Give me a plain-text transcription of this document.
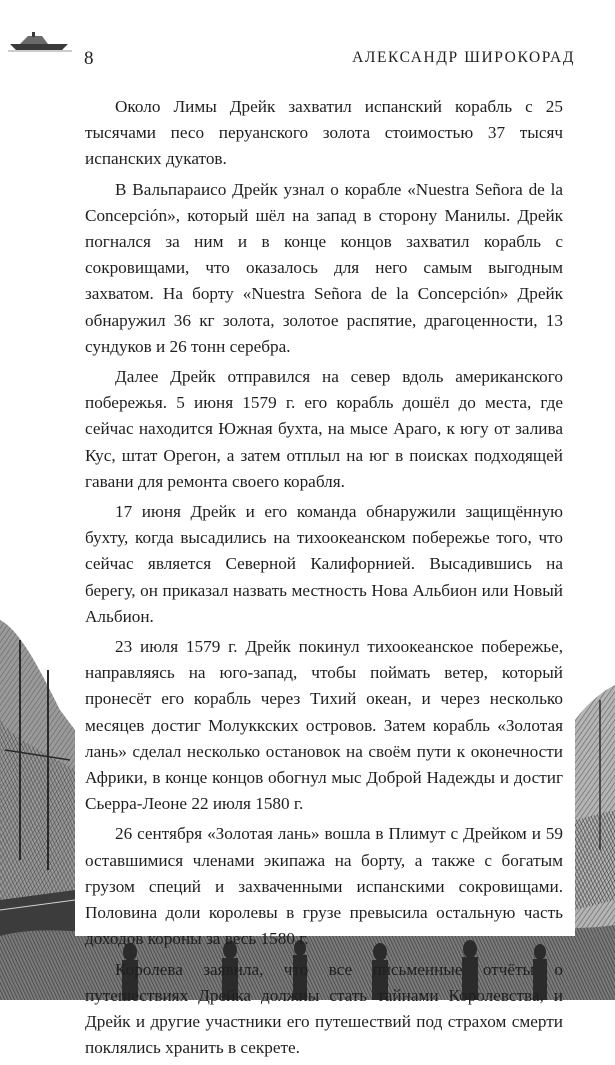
8	АЛЕКСАНДР ШИРОКОРАД

Около Лимы Дрейк захватил испанский корабль с 25 тысячами песо перуанского золота стоимостью 37 тысяч испанских дукатов.

В Вальпараисо Дрейк узнал о корабле «Nuestra Señora de la Concepción», который шёл на запад в сторону Манилы. Дрейк погнался за ним и в конце концов захватил корабль с сокровищами, что оказалось для него самым выгодным захватом. На борту «Nuestra Señora de la Concepción» Дрейк обнаружил 36 кг золота, золотое распятие, драгоценности, 13 сундуков и 26 тонн серебра.

Далее Дрейк отправился на север вдоль американского побережья. 5 июня 1579 г. его корабль дошёл до места, где сейчас находится Южная бухта, на мысе Араго, к югу от залива Кус, штат Орегон, а затем отплыл на юг в поисках подходящей гавани для ремонта своего корабля.

17 июня Дрейк и его команда обнаружили защищённую бухту, когда высадились на тихоокеанском побережье того, что сейчас является Северной Калифорнией. Высадившись на берегу, он приказал назвать местность Нова Альбион или Новый Альбион.

23 июля 1579 г. Дрейк покинул тихоокеанское побережье, направляясь на юго-запад, чтобы поймать ветер, который пронесёт его корабль через Тихий океан, и через несколько месяцев достиг Молуккских островов. Затем корабль «Золотая лань» сделал несколько остановок на своём пути к оконечности Африки, в конце концов обогнул мыс Доброй Надежды и достиг Сьерра-Леоне 22 июля 1580 г.

26 сентября «Золотая лань» вошла в Плимут с Дрейком и 59 оставшимися членами экипажа на борту, а также с богатым грузом специй и захваченными испанскими сокровищами. Половина доли королевы в грузе превысила остальную часть доходов короны за весь 1580 г.

Королева заявила, что все письменные отчёты о путешествиях Дрейка должны стать тайнами Королевства, и Дрейк и другие участники его путешествий под страхом смерти поклялись хранить в секрете.
